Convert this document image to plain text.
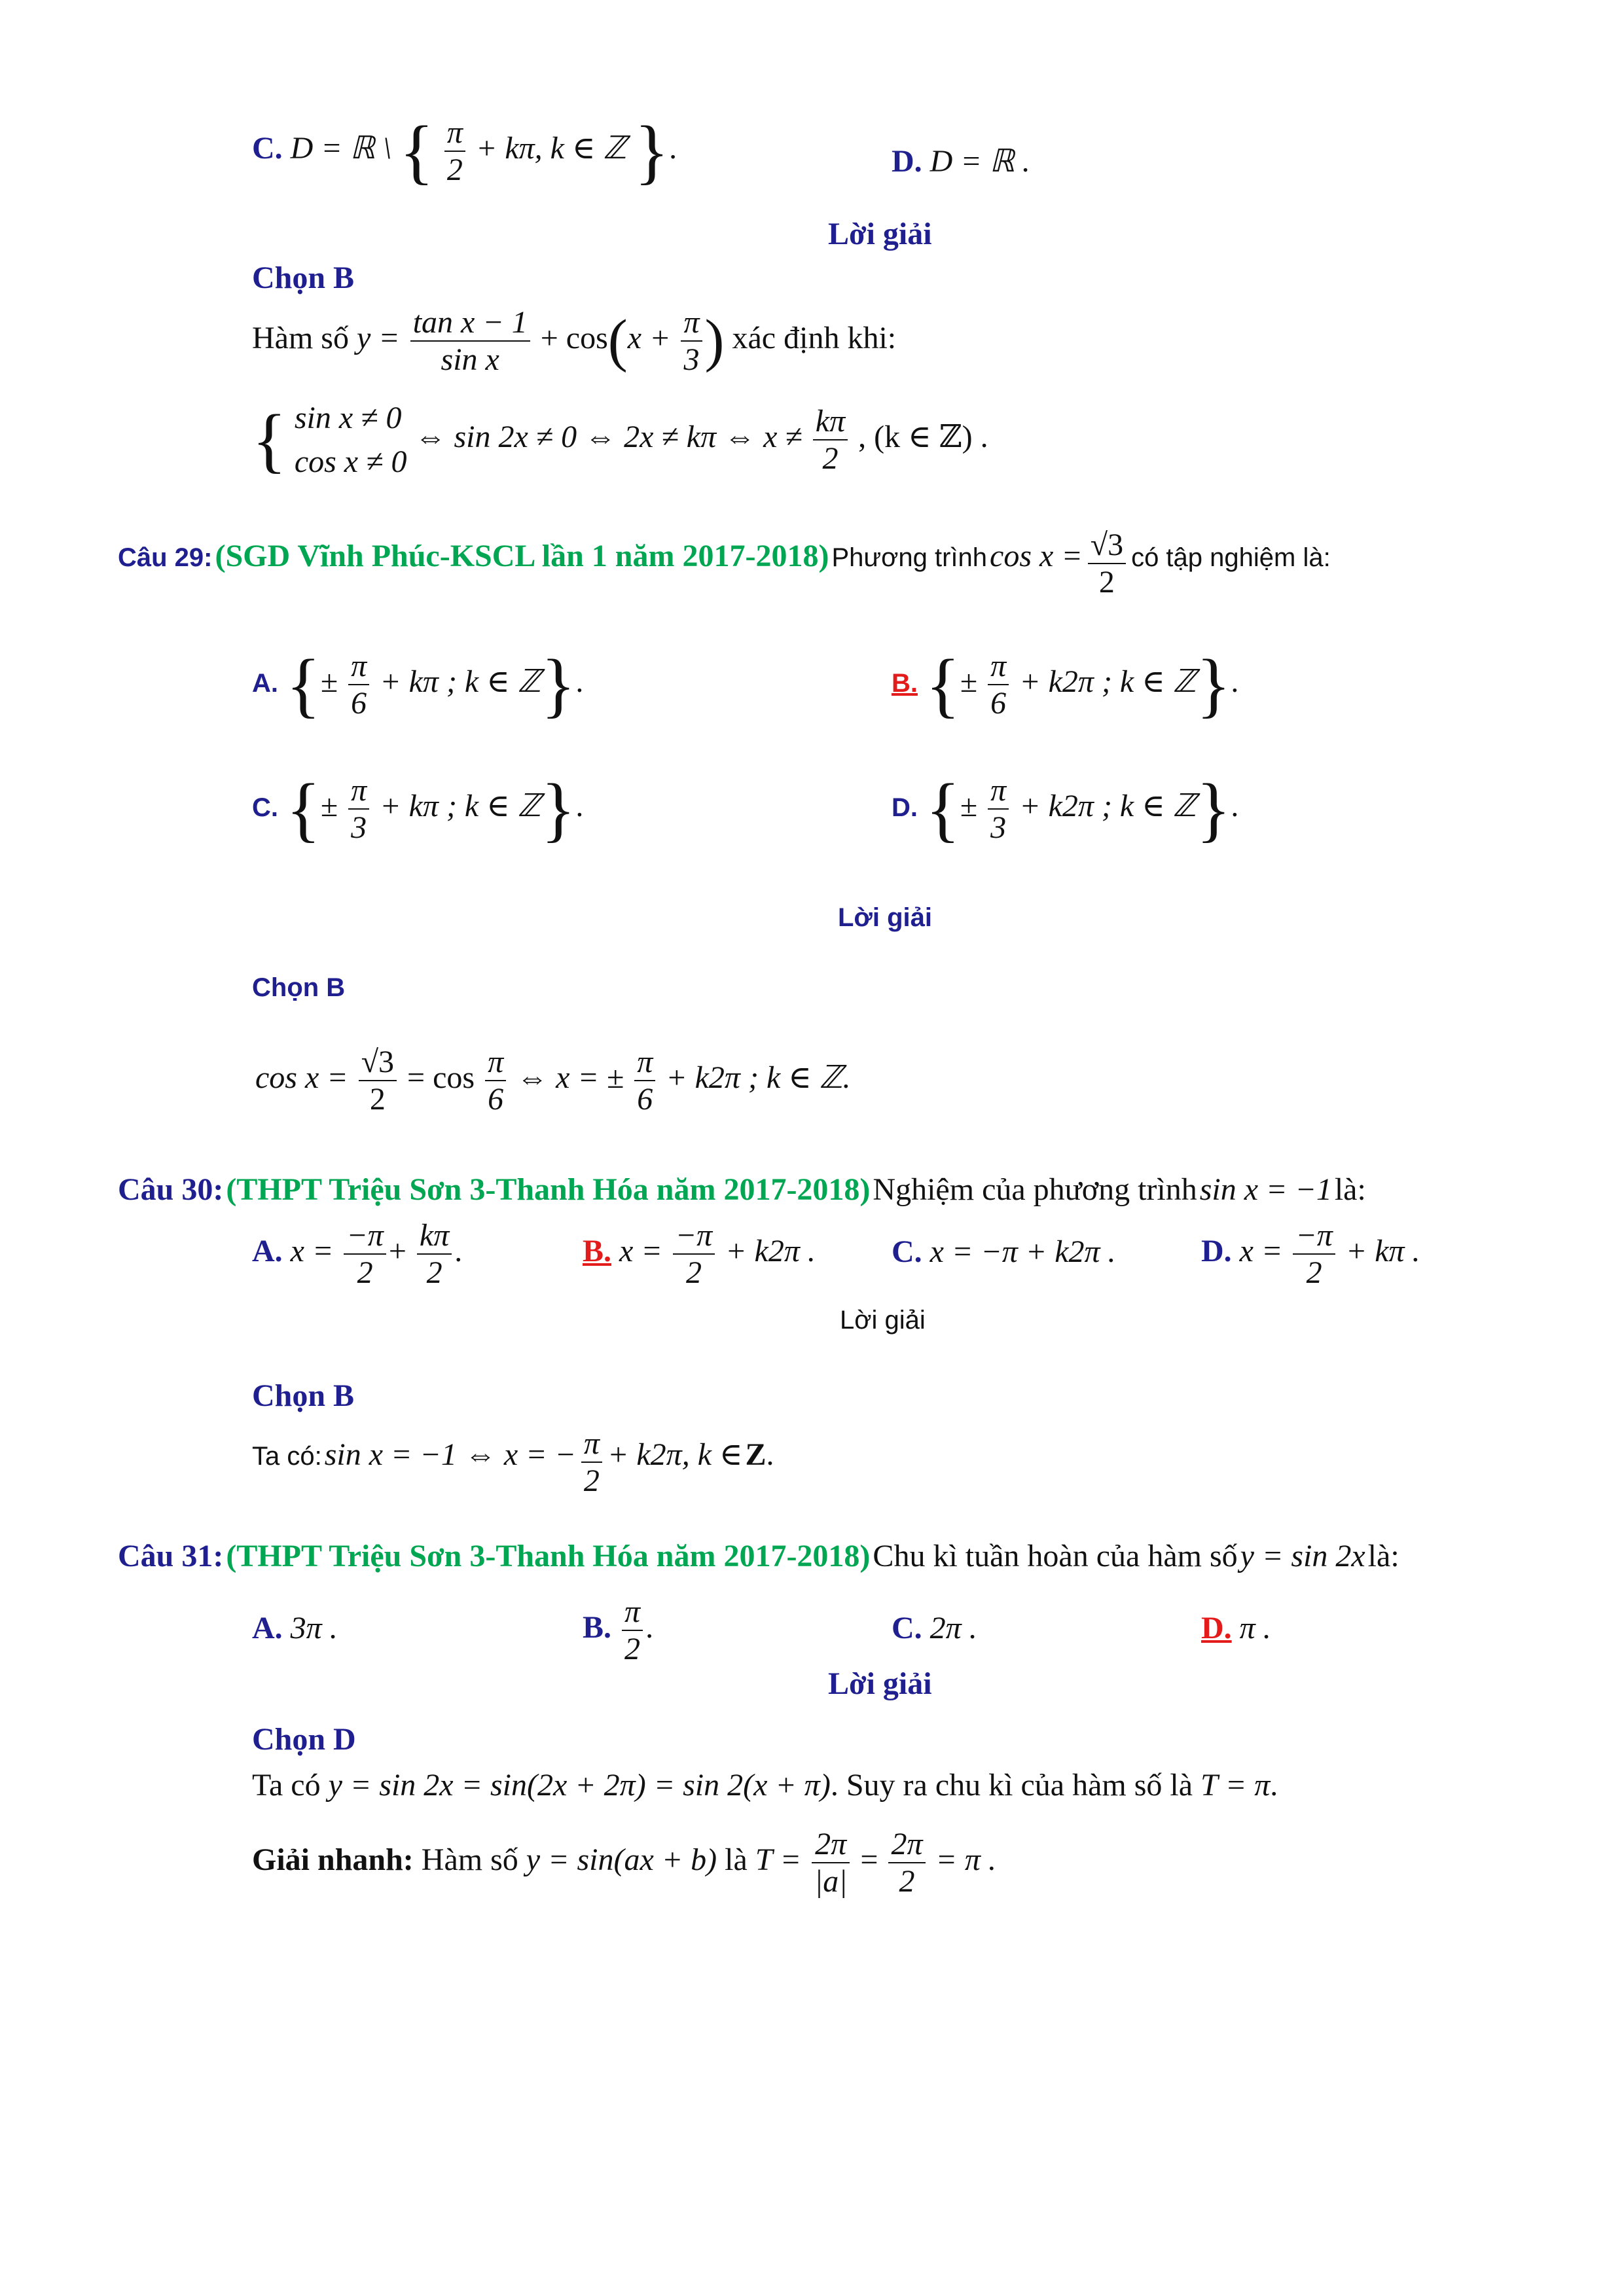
C. D = ℝ \ { $\frac{\pi}{2} + k\pi$, k ∈ ℤ }.	D. D = ℝ .
Lời giải
Chọn B
Hàm số $y = \frac{\text{tan x − 1}}{\text{sin x}} + \cos(x + \frac{\pi}{3}$ ) xác định khi:
{ sin x ≠ 0
cos x ≠ 0
⇔ sin 2x ≠ 0 ⇔ 2x ≠ kπ ⇔ $x \ne \frac{k\pi}{2}$ , (k ∈ ℤ) .
Câu 29: (SGD Vĩnh Phúc-KSCL lần 1 năm 2017-2018) Phương trình $\cos x = \frac{√3}{2}$ có tập nghiệm là:
A. {± $\frac{\pi}{6} + k\pi$ ; k ∈ ℤ}.	B. {± $\frac{\pi}{6} + k2\pi$ ; k ∈ ℤ}.
C. {± $\frac{\pi}{3} + k\pi$ ; k ∈ ℤ}.	D. {± $\frac{\pi}{3} + k2\pi$ ; k ∈ ℤ}.
Lời giải
Chọn B
$\cos x = \frac{√3}{2} = \cos \frac{\pi}{6}$ ⇔ x = ± $\frac{\pi}{6} + k2\pi$ ; k ∈ ℤ.
Câu 30: (THPT Triệu Sơn 3-Thanh Hóa năm 2017-2018) Nghiệm của phương trình sin x = −1 là:
A. $x = \frac{-\pi}{2} + \frac{k\pi}{2}$ .	B. $x = \frac{-\pi}{2} + k2\pi$ . C. x = −π + k2π .	D. $x = \frac{-\pi}{2} + k\pi$ .
Lời giải
Chọn B
Ta có: sin x = −1 ⇔ x = − $\frac{\pi}{2} + k2\pi$, k ∈ Z.
Câu 31: (THPT Triệu Sơn 3-Thanh Hóa năm 2017-2018) Chu kì tuần hoàn của hàm số y = sin 2x là:
A. 3π .	B. $\frac{\pi}{2}$ .	C. 2π .	D. π .
Lời giải
Chọn D
Ta có y = sin 2x = sin(2x + 2π) = sin 2(x + π). Suy ra chu kì của hàm số là T = π.
Giải nhanh: Hàm số y = sin(ax + b) là $T = \frac{2\pi}{|a|} = \frac{2\pi}{2} = \pi$ .
